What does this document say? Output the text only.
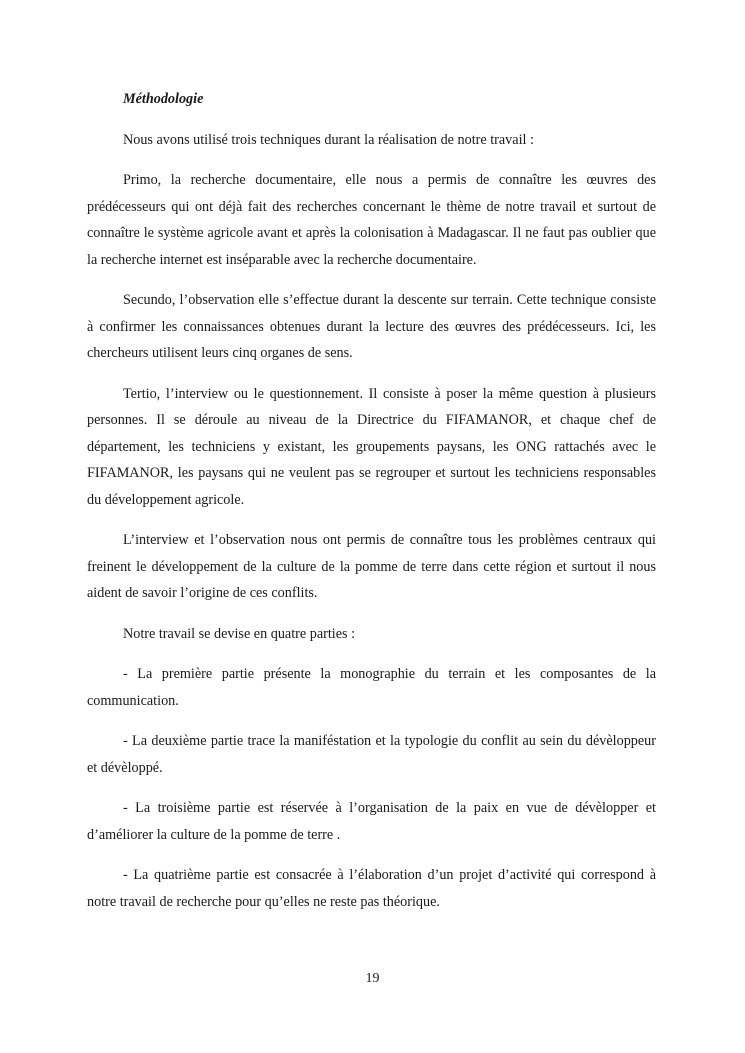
Méthodologie

Nous avons utilisé trois techniques durant la réalisation de notre travail :

Primo, la recherche documentaire, elle nous a permis de connaître les œuvres des prédécesseurs qui ont déjà fait des recherches concernant le thème de notre travail et surtout de connaître le système agricole avant et après la colonisation à Madagascar. Il ne faut pas oublier que la recherche internet est inséparable avec la recherche documentaire.

Secundo, l’observation elle s’effectue durant la descente sur terrain. Cette technique consiste à confirmer les connaissances obtenues durant la lecture des œuvres des prédécesseurs. Ici, les chercheurs utilisent leurs cinq organes de sens.

Tertio, l’interview ou le questionnement. Il consiste à poser la même question à plusieurs personnes. Il se déroule au niveau de la Directrice du FIFAMANOR, et chaque chef de département, les techniciens y existant, les groupements paysans, les ONG rattachés avec le FIFAMANOR, les paysans qui ne veulent pas se regrouper et surtout les techniciens responsables du développement agricole.

L’interview et l’observation nous ont permis de connaître tous les problèmes centraux qui freinent le développement de la culture de la pomme de terre dans cette région et surtout il nous aident de savoir l’origine de ces conflits.

Notre travail se devise en quatre parties :

- La première partie présente la monographie du terrain et les composantes de la communication.

- La deuxième partie trace la maniféstation et la typologie du conflit au sein du dévèloppeur et dévèloppé.

- La troisième partie est réservée à l’organisation de la paix en vue de dévèlopper et d’améliorer la culture de la pomme de terre .

- La quatrième partie est consacrée à l’élaboration d’un projet d’activité qui correspond à notre travail de recherche pour qu’elles ne reste pas théorique.

19
